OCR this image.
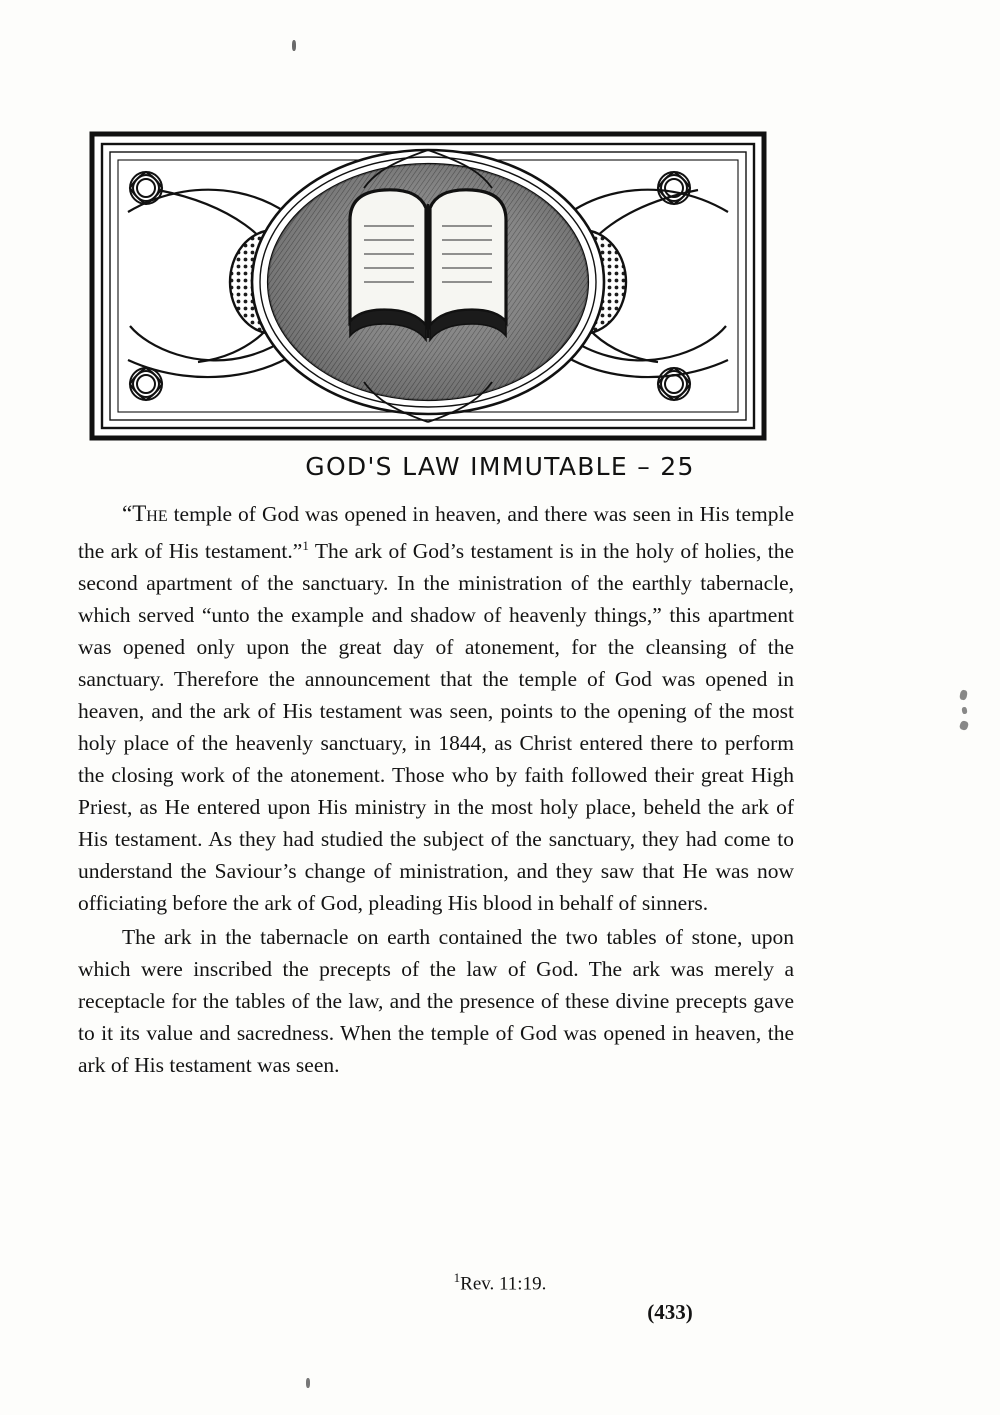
GOD'S LAW IMMUTABLE – 25

“The temple of God was opened in heaven, and there was seen in His temple the ark of His testament.”$^1$ The ark of God’s testament is in the holy of holies, the second apartment of the sanctuary. In the ministration of the earthly tabernacle, which served “unto the example and shadow of heavenly things,” this apartment was opened only upon the great day of atonement, for the cleansing of the sanctuary. Therefore the announcement that the temple of God was opened in heaven, and the ark of His testament was seen, points to the opening of the most holy place of the heavenly sanctuary, in 1844, as Christ entered there to perform the closing work of the atonement. Those who by faith followed their great High Priest, as He entered upon His ministry in the most holy place, beheld the ark of His testament. As they had studied the subject of the sanctuary, they had come to understand the Saviour’s change of ministration, and they saw that He was now officiating before the ark of God, pleading His blood in behalf of sinners.

The ark in the tabernacle on earth contained the two tables of stone, upon which were inscribed the precepts of the law of God. The ark was merely a receptacle for the tables of the law, and the presence of these divine precepts gave to it its value and sacredness. When the temple of God was opened in heaven, the ark of His testament was seen.

$^1$Rev. 11:19.
(433)
